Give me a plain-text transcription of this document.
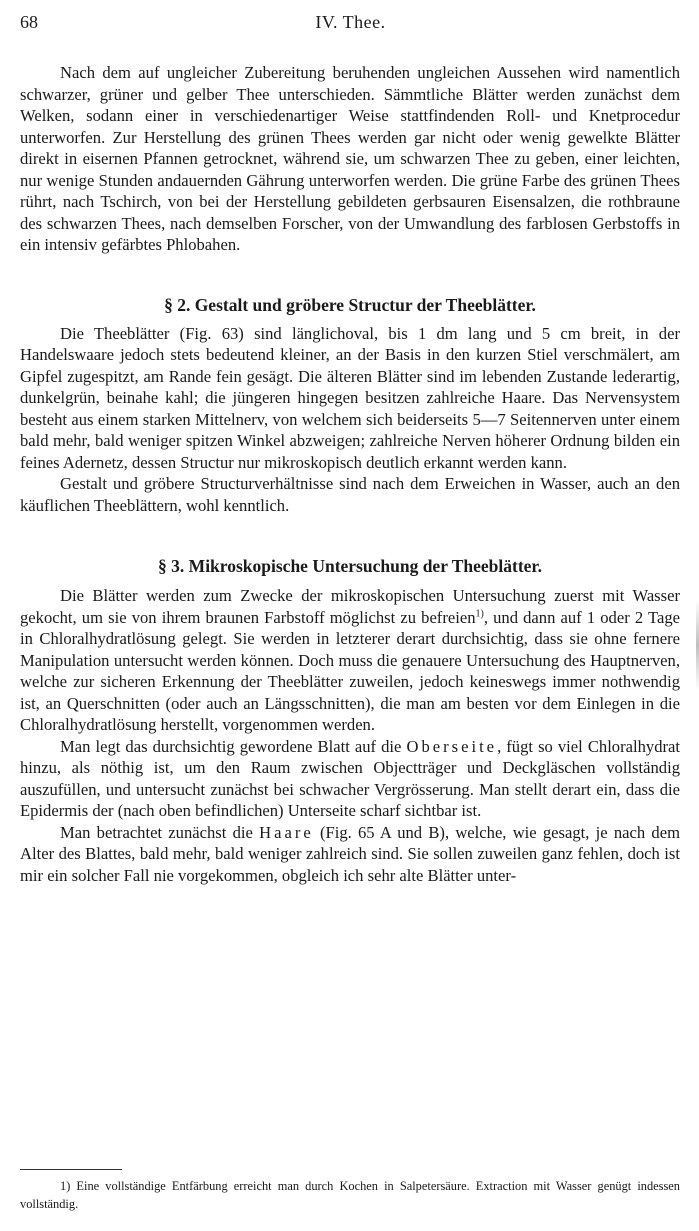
68	IV. Thee.

Nach dem auf ungleicher Zubereitung beruhenden ungleichen Aussehen wird namentlich schwarzer, grüner und gelber Thee unterschieden. Sämmtliche Blätter werden zunächst dem Welken, sodann einer in verschiedenartiger Weise stattfindenden Roll- und Knetprocedur unterworfen. Zur Herstellung des grünen Thees werden gar nicht oder wenig gewelkte Blätter direkt in eisernen Pfannen getrocknet, während sie, um schwarzen Thee zu geben, einer leichten, nur wenige Stunden andauernden Gährung unterworfen werden. Die grüne Farbe des grünen Thees rührt, nach Tschirch, von bei der Herstellung gebildeten gerbsauren Eisensalzen, die rothbraune des schwarzen Thees, nach demselben Forscher, von der Umwandlung des farblosen Gerbstoffs in ein intensiv gefärbtes Phlobahen.

§ 2. Gestalt und gröbere Structur der Theeblätter.

Die Theeblätter (Fig. 63) sind länglichoval, bis 1 dm lang und 5 cm breit, in der Handelswaare jedoch stets bedeutend kleiner, an der Basis in den kurzen Stiel verschmälert, am Gipfel zugespitzt, am Rande fein gesägt. Die älteren Blätter sind im lebenden Zustande lederartig, dunkelgrün, beinahe kahl; die jüngeren hingegen besitzen zahlreiche Haare. Das Nervensystem besteht aus einem starken Mittelnerv, von welchem sich beiderseits 5—7 Seitennerven unter einem bald mehr, bald weniger spitzen Winkel abzweigen; zahlreiche Nerven höherer Ordnung bilden ein feines Adernetz, dessen Structur nur mikroskopisch deutlich erkannt werden kann.

Gestalt und gröbere Structurverhältnisse sind nach dem Erweichen in Wasser, auch an den käuflichen Theeblättern, wohl kenntlich.

§ 3. Mikroskopische Untersuchung der Theeblätter.

Die Blätter werden zum Zwecke der mikroskopischen Untersuchung zuerst mit Wasser gekocht, um sie von ihrem braunen Farbstoff möglichst zu befreien$^{1)}$, und dann auf 1 oder 2 Tage in Chloralhydratlösung gelegt. Sie werden in letzterer derart durchsichtig, dass sie ohne fernere Manipulation untersucht werden können. Doch muss die genauere Untersuchung des Hauptnerven, welche zur sicheren Erkennung der Theeblätter zuweilen, jedoch keineswegs immer nothwendig ist, an Querschnitten (oder auch an Längsschnitten), die man am besten vor dem Einlegen in die Chloralhydratlösung herstellt, vorgenommen werden.

Man legt das durchsichtig gewordene Blatt auf die Oberseite, fügt so viel Chloralhydrat hinzu, als nöthig ist, um den Raum zwischen Objectträger und Deckgläschen vollständig auszufüllen, und untersucht zunächst bei schwacher Vergrösserung. Man stellt derart ein, dass die Epidermis der (nach oben befindlichen) Unterseite scharf sichtbar ist.

Man betrachtet zunächst die Haare (Fig. 65 A und B), welche, wie gesagt, je nach dem Alter des Blattes, bald mehr, bald weniger zahlreich sind. Sie sollen zuweilen ganz fehlen, doch ist mir ein solcher Fall nie vorgekommen, obgleich ich sehr alte Blätter unter-

1) Eine vollständige Entfärbung erreicht man durch Kochen in Salpetersäure. Extraction mit Wasser genügt indessen vollständig.
